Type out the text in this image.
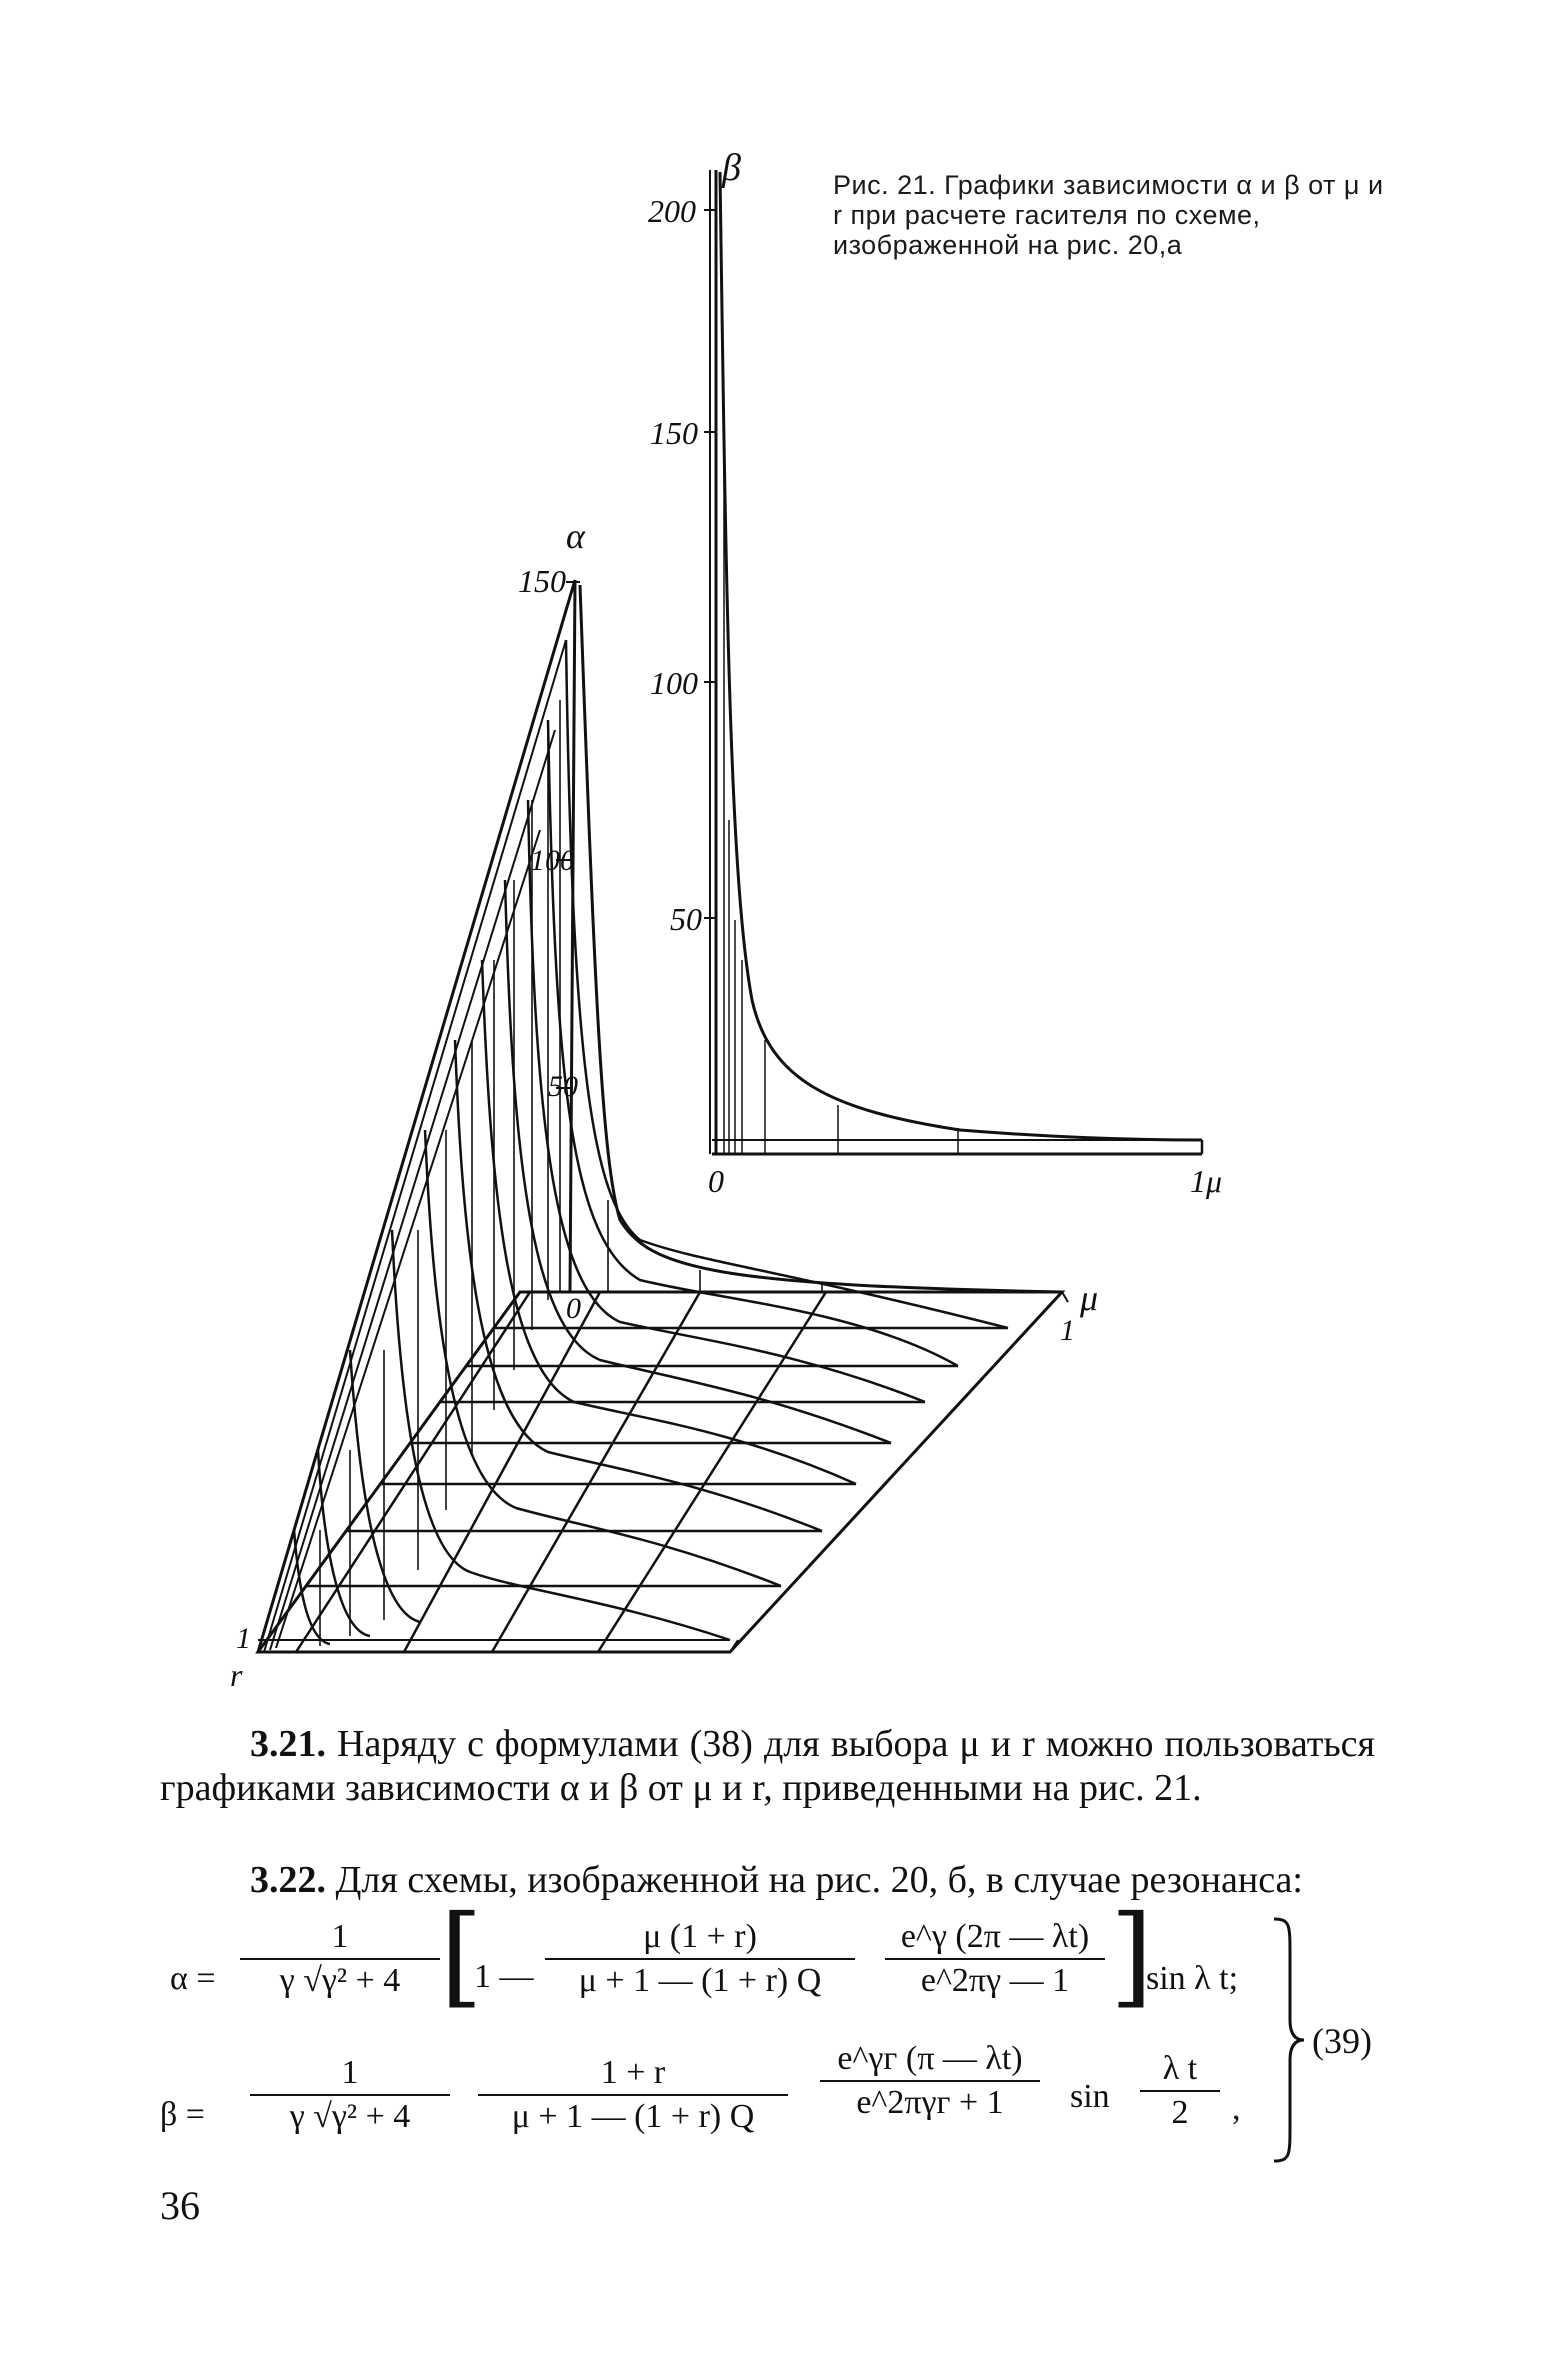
β
200
150
100
50
0	1 μ
α
150
100
50
0	μ
1
1
r
Рис. 21. Графики зависимости α и β от μ и r при расчете гасителя по схеме, изображенной на рис. 20,а
3.21. Наряду с формулами (38) для выбора μ и r можно пользоваться графиками зависимости α и β от μ и r, приведенными на рис. 21.
3.22. Для схемы, изображенной на рис. 20, б, в случае резонанса:
$\alpha = \frac{1}{\text{γ √γ² + 4}}$ [
1 — $\frac{\mu (1 + r)}{\mu + 1 — (1 + r) Q} \frac{e\^{}\gamma (2\pi — \lambda t)}{e\^{}2\pi\gamma — 1}$ ]
sin λ t;
$\beta = \frac{1}{\text{γ √γ² + 4}} \frac{1 + r}{\mu + 1 — (1 + r) Q}$	e^γг (π — λt)
e^2πγг + 1	$\sin \frac{\text{λ t}}{2}$ ,
(39)
36
